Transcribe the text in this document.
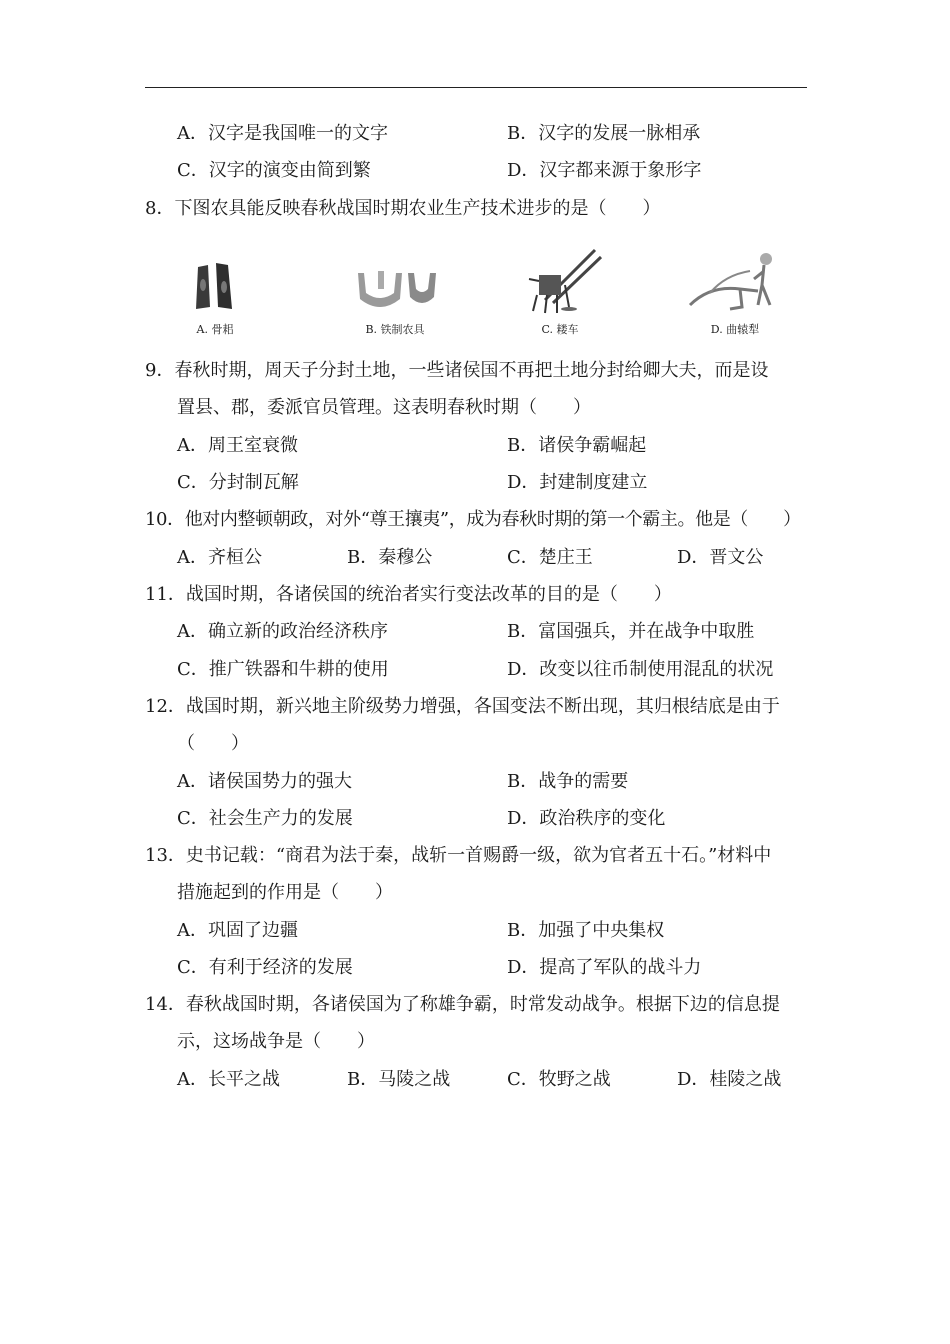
A．汉字是我国唯一的文字	B．汉字的发展一脉相承
C．汉字的演变由简到繁	D．汉字都来源于象形字
8．下图农具能反映春秋战国时期农业生产技术进步的是（　　）
A. 骨耜	B. 铁制农具	C. 耧车	D. 曲辕犁
9．春秋时期，周天子分封土地，一些诸侯国不再把土地分封给卿大夫，而是设
置县、郡，委派官员管理。这表明春秋时期（　　）
A．周王室衰微	B．诸侯争霸崛起
C．分封制瓦解	D．封建制度建立
10．他对内整顿朝政，对外“尊王攘夷”，成为春秋时期的第一个霸主。他是（　　）
A．齐桓公	B．秦穆公	C．楚庄王	D．晋文公
11．战国时期，各诸侯国的统治者实行变法改革的目的是（　　）
A．确立新的政治经济秩序	B．富国强兵，并在战争中取胜
C．推广铁器和牛耕的使用	D．改变以往币制使用混乱的状况
12．战国时期，新兴地主阶级势力增强，各国变法不断出现，其归根结底是由于
（　　）
A．诸侯国势力的强大	B．战争的需要
C．社会生产力的发展	D．政治秩序的变化
13．史书记载：“商君为法于秦，战斩一首赐爵一级，欲为官者五十石。”材料中
措施起到的作用是（　　）
A．巩固了边疆	B．加强了中央集权
C．有利于经济的发展	D．提高了军队的战斗力
14．春秋战国时期，各诸侯国为了称雄争霸，时常发动战争。根据下边的信息提
示，这场战争是（　　）
A．长平之战	B．马陵之战	C．牧野之战	D．桂陵之战
